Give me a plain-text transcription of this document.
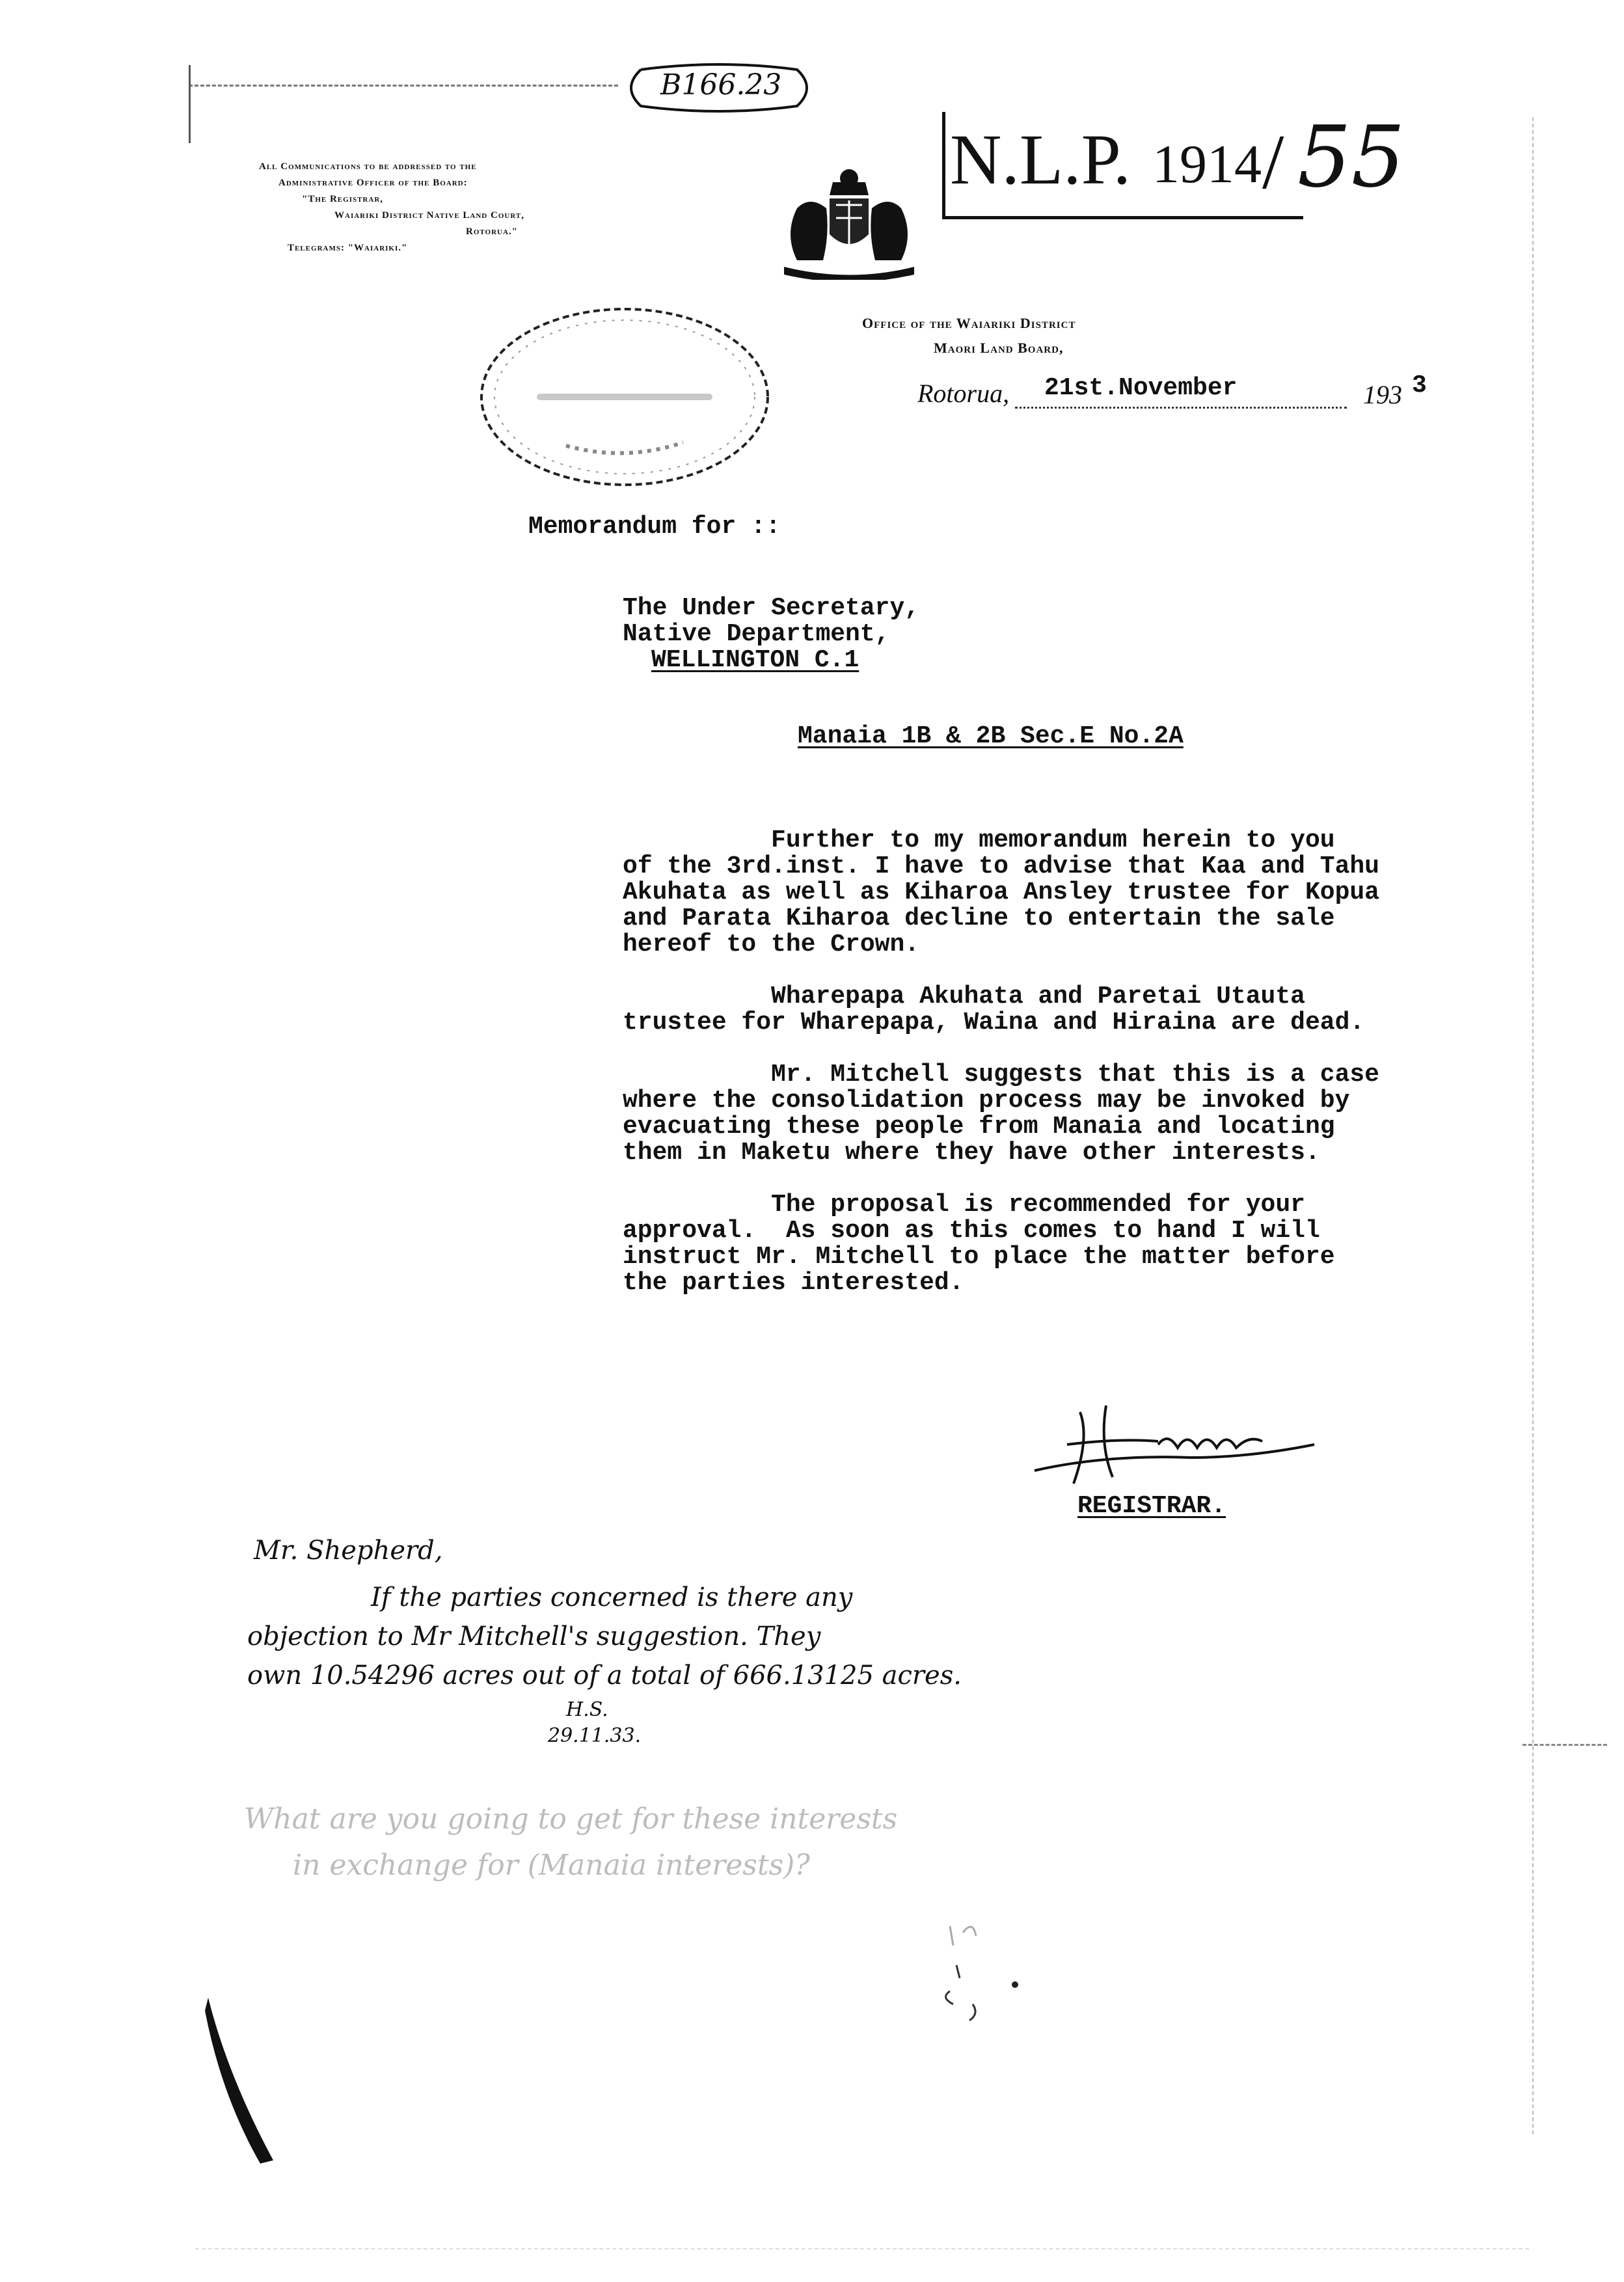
B166.23
N.L.P. 1914 / 55
All Communications to be addressed to the
Administrative Officer of the Board:
"The Registrar,
Waiariki District Native Land Court,
Rotorua."
Telegrams: "Waiariki."
Office of the Waiariki District
Maori Land Board,
Rotorua, 21st.November	193 3
Memorandum for ::
The Under Secretary,
Native Department,
WELLINGTON C.1
Manaia 1B & 2B Sec.E No.2A
Further to my memorandum herein to you
of the 3rd.inst. I have to advise that Kaa and Tahu
Akuhata as well as Kiharoa Ansley trustee for Kopua
and Parata Kiharoa decline to entertain the sale
hereof to the Crown.
Wharepapa Akuhata and Paretai Utauta
trustee for Wharepapa, Waina and Hiraina are dead.
Mr. Mitchell suggests that this is a case
where the consolidation process may be invoked by
evacuating these people from Manaia and locating
them in Maketu where they have other interests.
The proposal is recommended for your
approval.  As soon as this comes to hand I will
instruct Mr. Mitchell to place the matter before
the parties interested.
REGISTRAR.
Mr. Shepherd,
If the parties concerned is there any
objection to Mr Mitchell's suggestion. They
own 10.54296 acres out of a total of 666.13125 acres.
H.S.
29.11.33.
What are you going to get for these interests
in exchange for (Manaia interests)?
